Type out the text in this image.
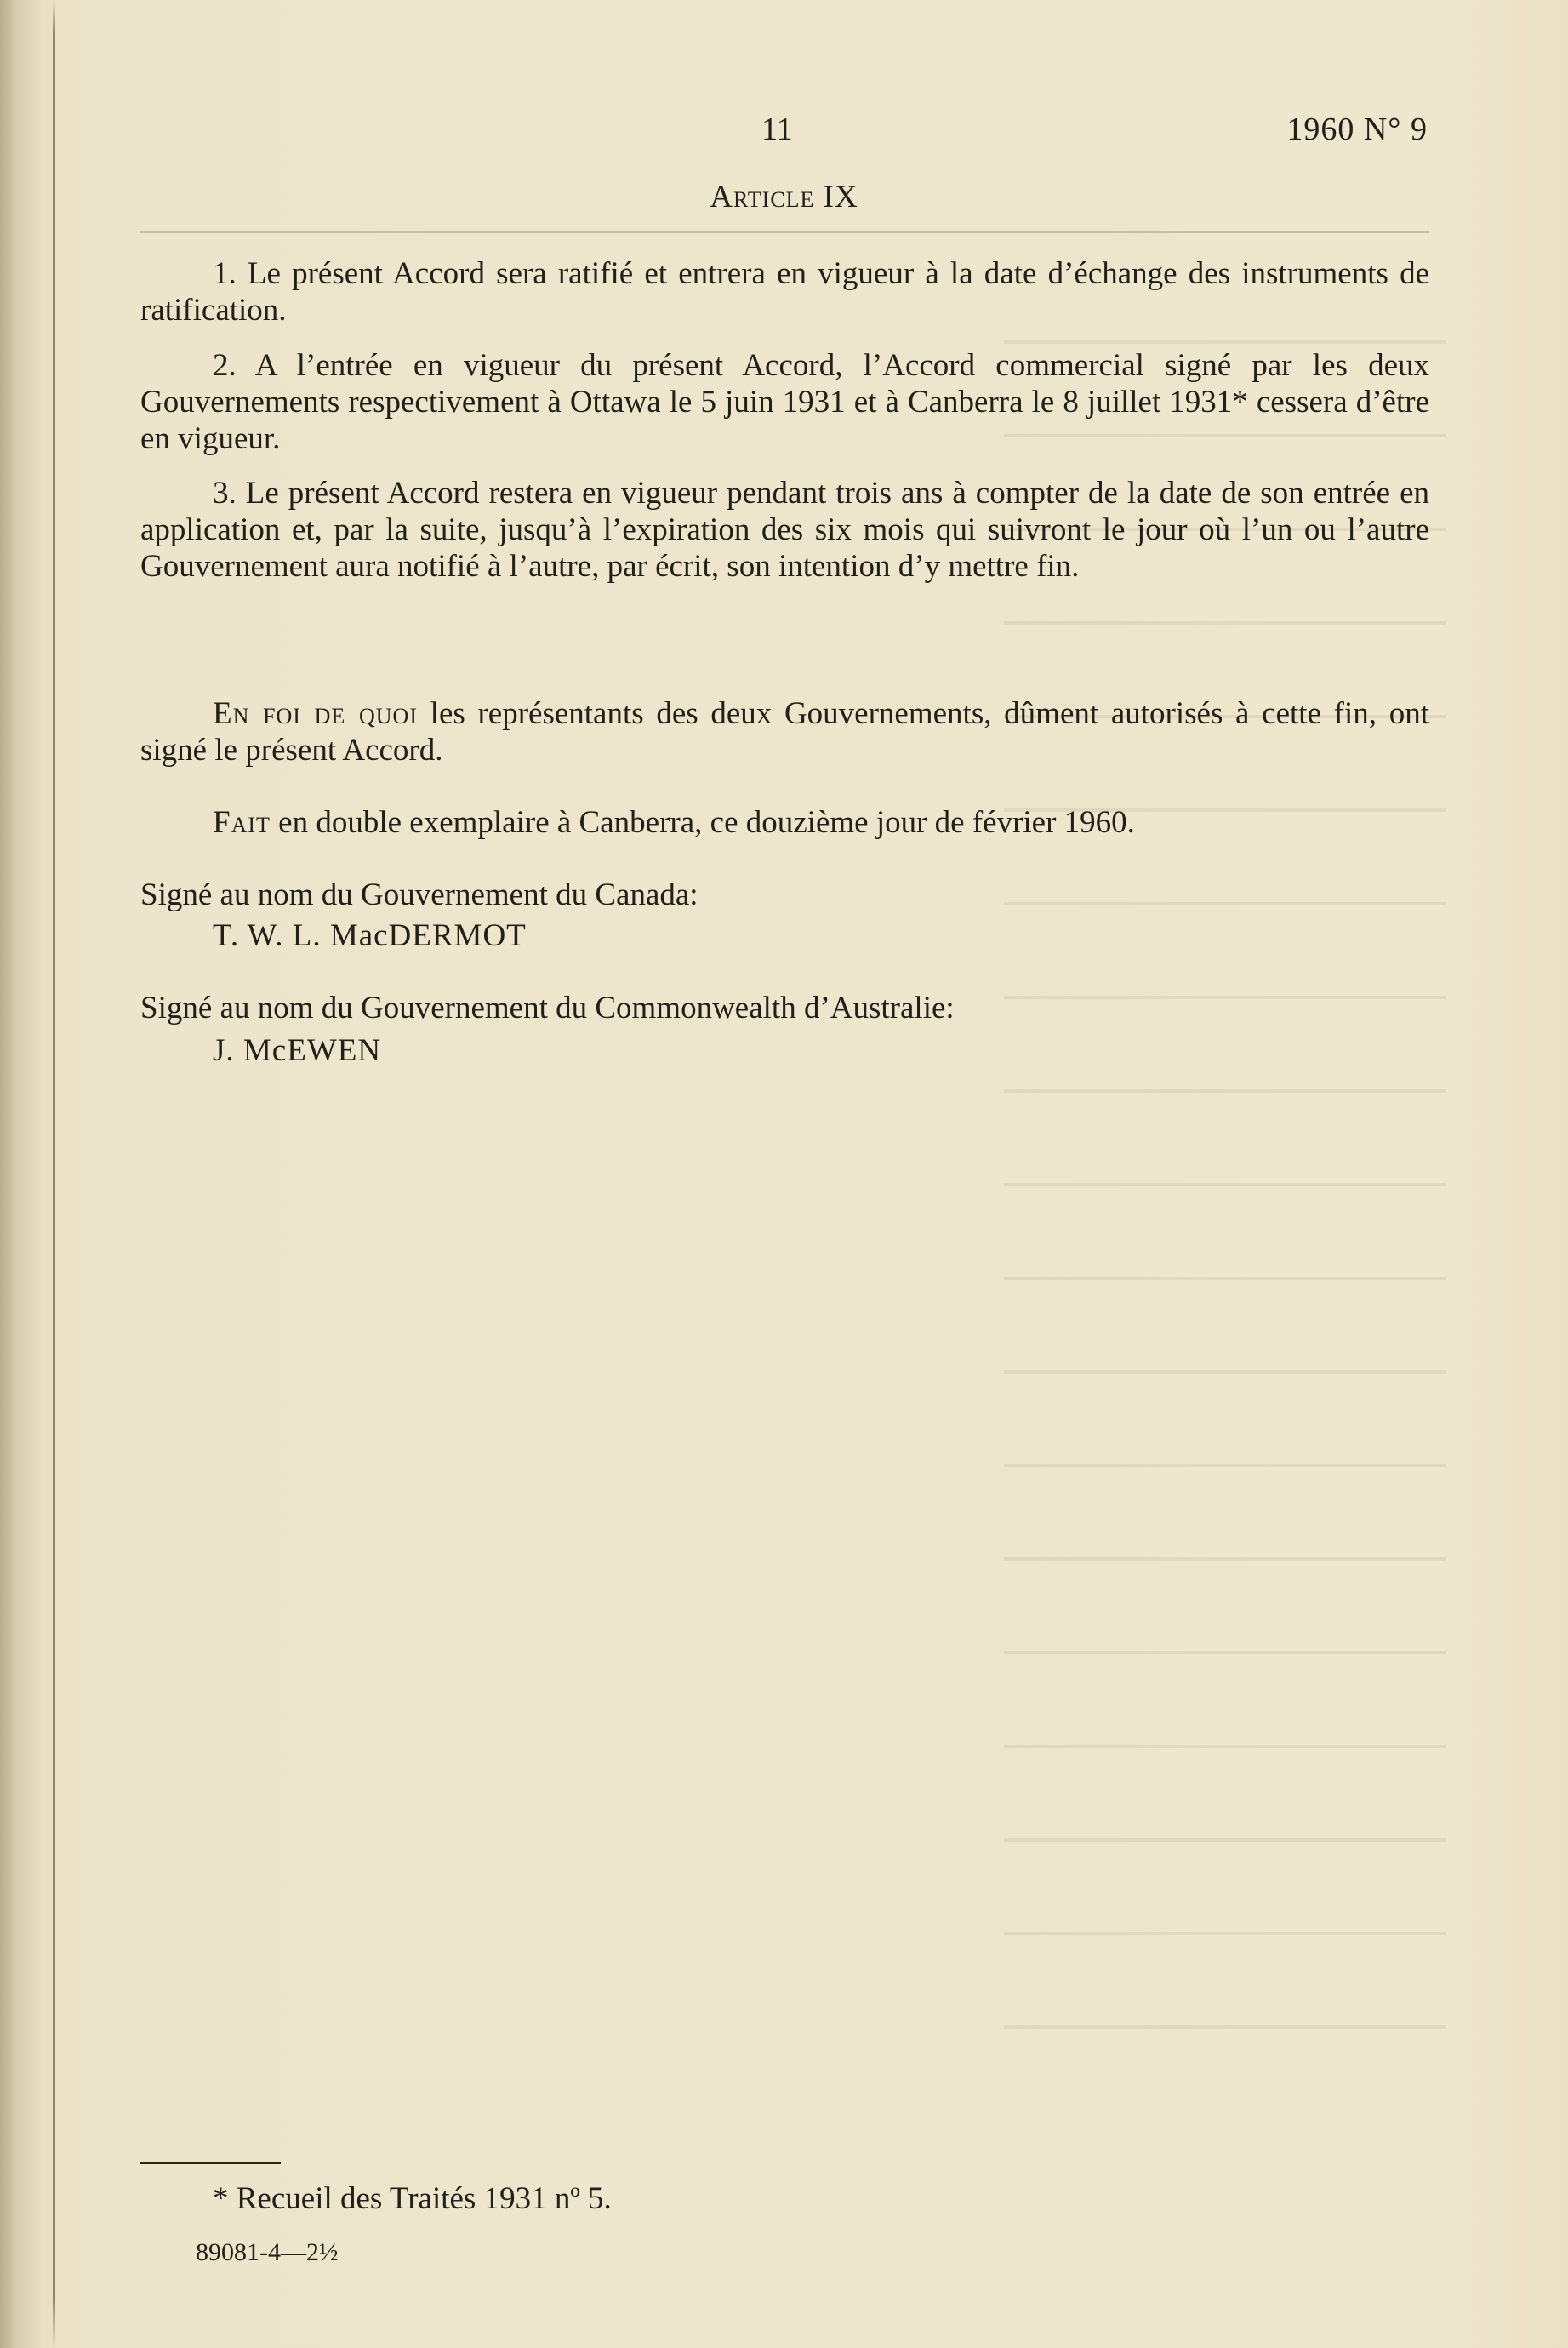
11	1960 N° 9
Article IX

1. Le présent Accord sera ratifié et entrera en vigueur à la date d’échange des instruments de ratification.

2. A l’entrée en vigueur du présent Accord, l’Accord commercial signé par les deux Gouvernements respectivement à Ottawa le 5 juin 1931 et à Canberra le 8 juillet 1931* cessera d’être en vigueur.

3. Le présent Accord restera en vigueur pendant trois ans à compter de la date de son entrée en application et, par la suite, jusqu’à l’expiration des six mois qui suivront le jour où l’un ou l’autre Gouvernement aura notifié à l’autre, par écrit, son intention d’y mettre fin.

En foi de quoi les représentants des deux Gouvernements, dûment autorisés à cette fin, ont signé le présent Accord.

Fait en double exemplaire à Canberra, ce douzième jour de février 1960.

Signé au nom du Gouvernement du Canada:
T. W. L. MacDERMOT
Signé au nom du Gouvernement du Commonwealth d’Australie:
J. McEWEN
* Recueil des Traités 1931 nº 5.
89081-4—2½
